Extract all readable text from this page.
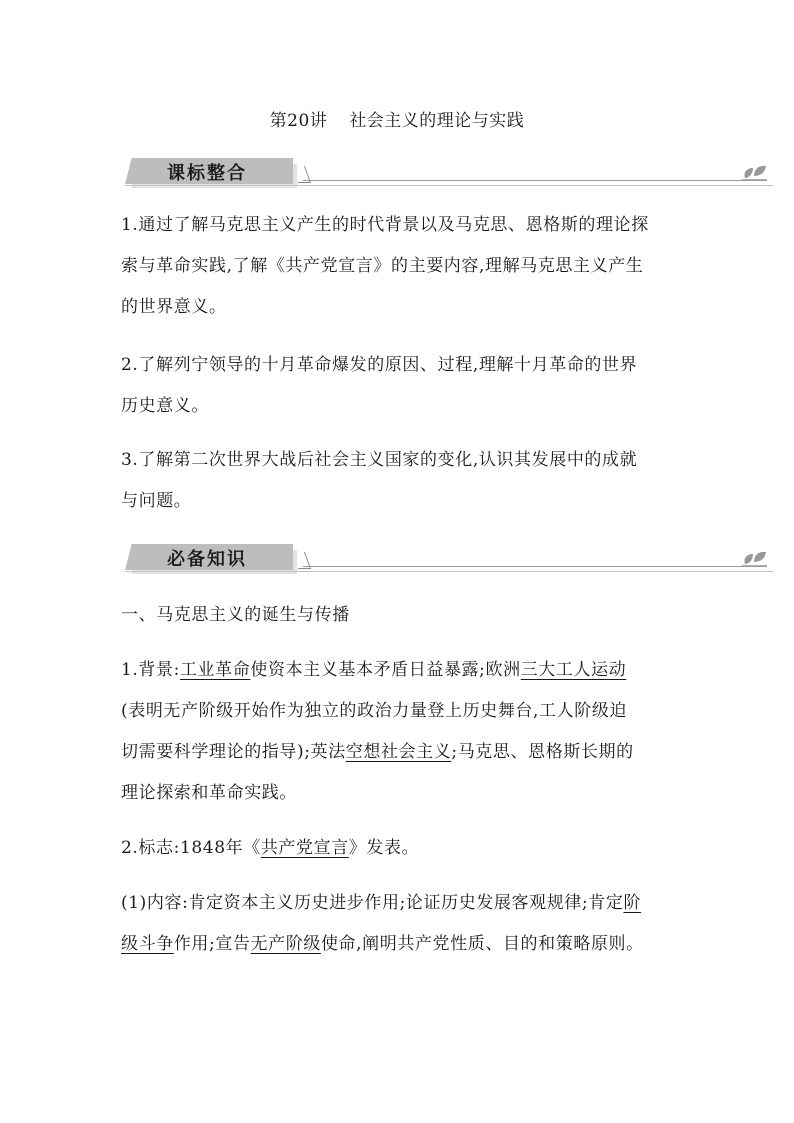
第20讲 社会主义的理论与实践
课标整合
1.通过了解马克思主义产生的时代背景以及马克思、恩格斯的理论探
索与革命实践,了解《共产党宣言》的主要内容,理解马克思主义产生
的世界意义。
2.了解列宁领导的十月革命爆发的原因、过程,理解十月革命的世界
历史意义。
3.了解第二次世界大战后社会主义国家的变化,认识其发展中的成就
与问题。
必备知识
一、马克思主义的诞生与传播
1.背景:工业革命使资本主义基本矛盾日益暴露;欧洲三大工人运动
(表明无产阶级开始作为独立的政治力量登上历史舞台,工人阶级迫
切需要科学理论的指导);英法空想社会主义;马克思、恩格斯长期的
理论探索和革命实践。
2.标志:1848年《共产党宣言》发表。
(1)内容:肯定资本主义历史进步作用;论证历史发展客观规律;肯定阶
级斗争作用;宣告无产阶级使命,阐明共产党性质、目的和策略原则。
